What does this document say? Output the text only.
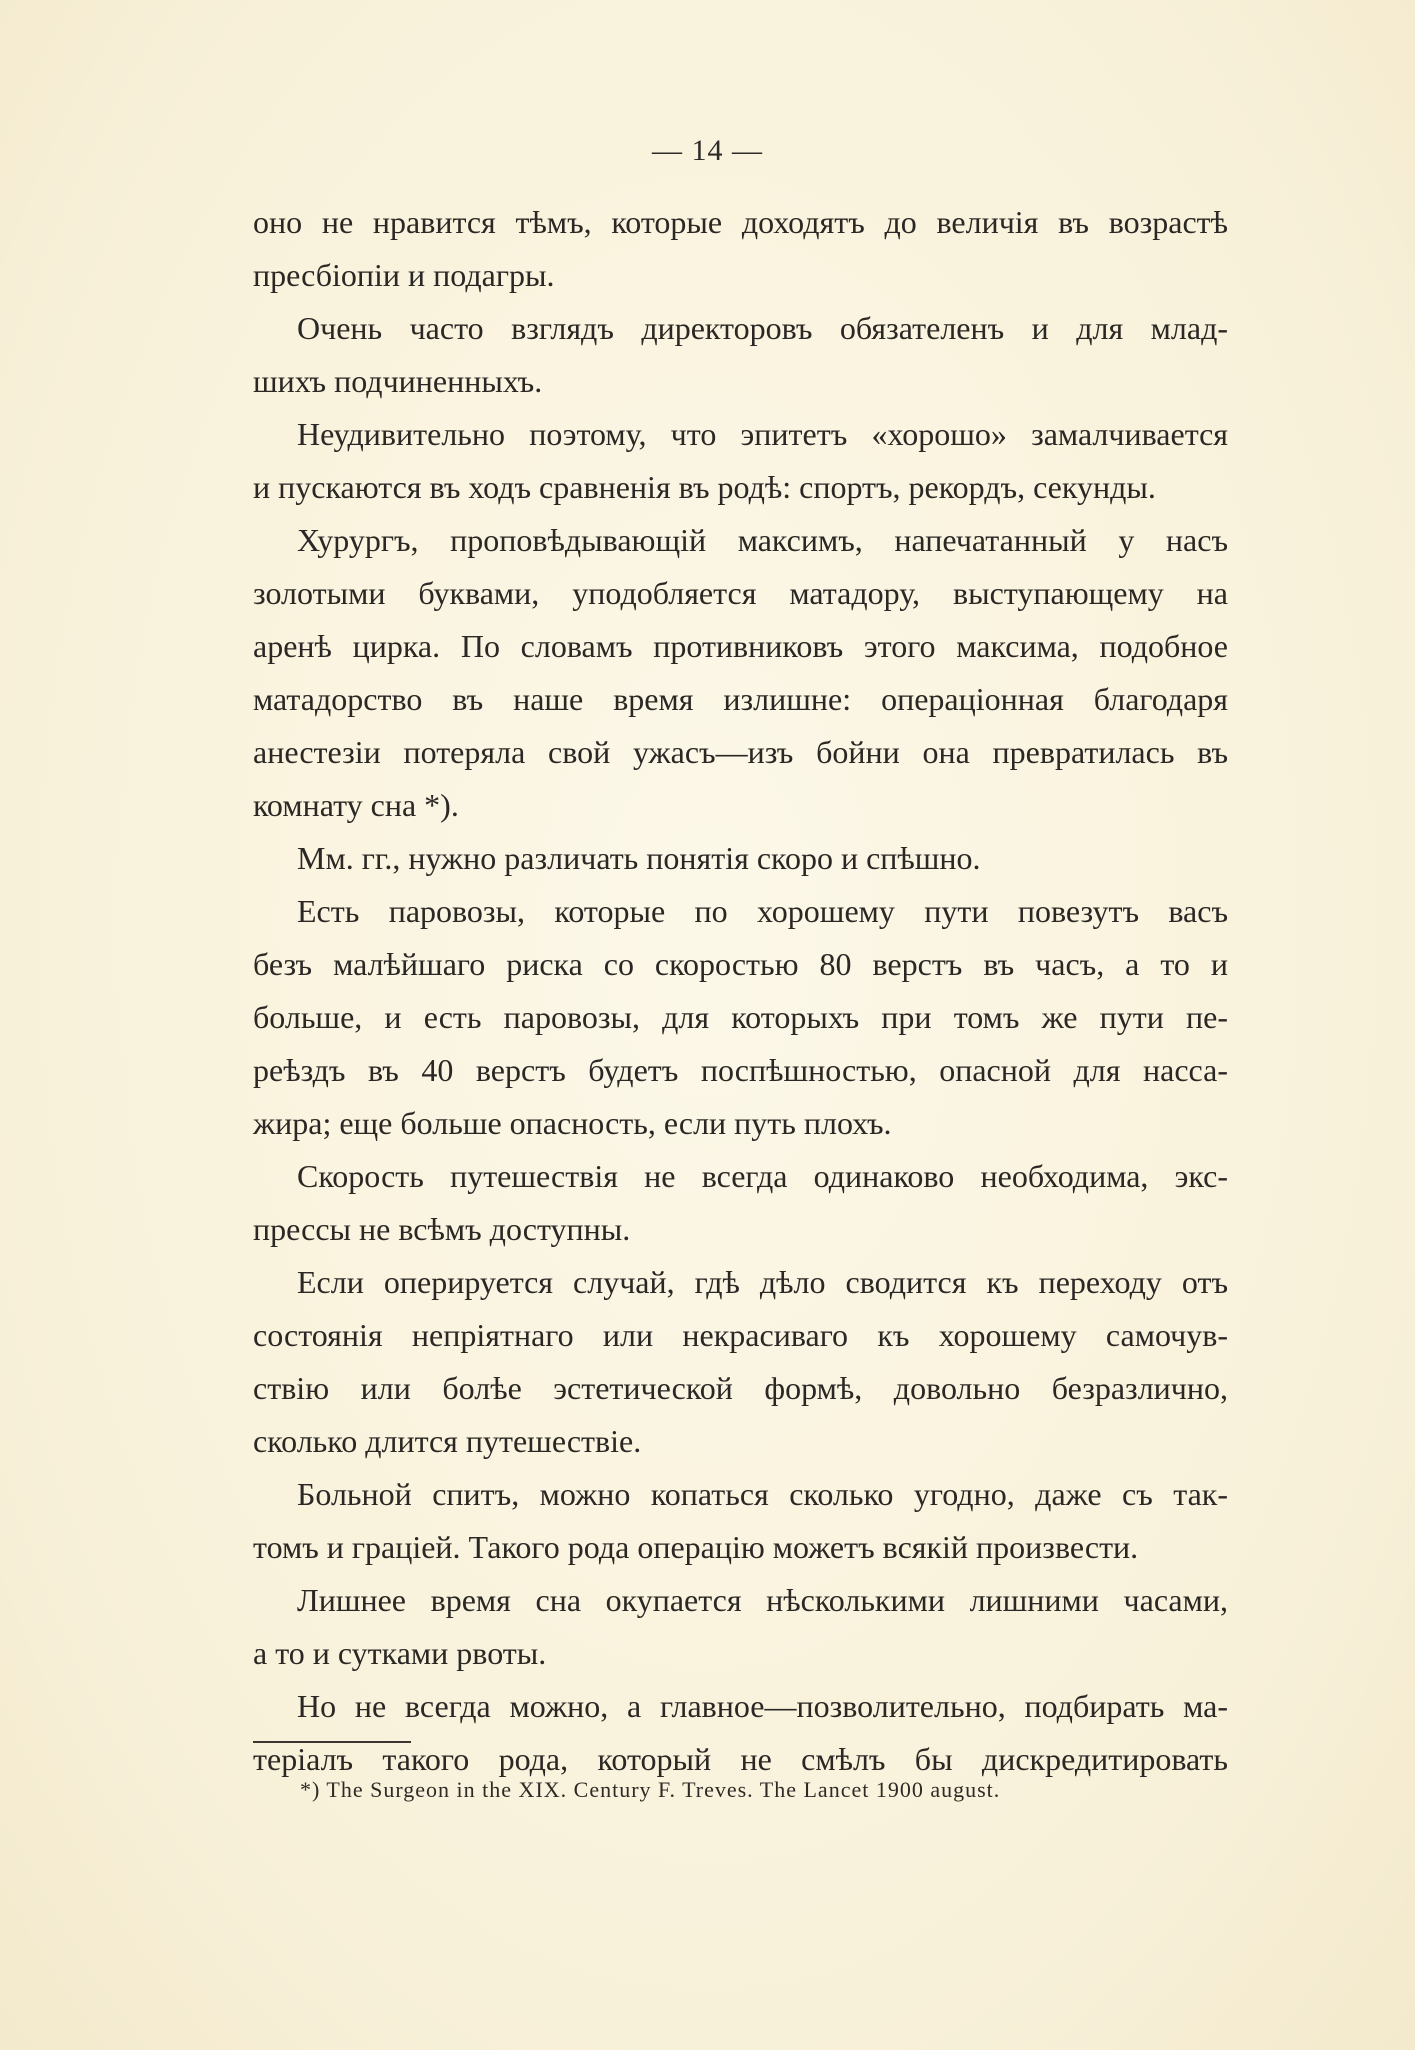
— 14 —
оно не нравится тѣмъ, которые доходятъ до величія въ возрастѣ
пресбіопіи и подагры.
Очень часто взглядъ директоровъ обязателенъ и для млад-
шихъ подчиненныхъ.
Неудивительно поэтому, что эпитетъ «хорошо» замалчивается
и пускаются въ ходъ сравненія въ родѣ: спортъ, рекордъ, секунды.
Хурургъ, проповѣдывающій максимъ, напечатанный у насъ
золотыми буквами, уподобляется матадору, выступающему на
аренѣ цирка. По словамъ противниковъ этого максима, подобное
матадорство въ наше время излишне: операціонная благодаря
анестезіи потеряла свой ужасъ—изъ бойни она превратилась въ
комнату сна *).
Мм. гг., нужно различать понятія скоро и спѣшно.
Есть паровозы, которые по хорошему пути повезутъ васъ
безъ малѣйшаго риска со скоростью 80 верстъ въ часъ, а то и
больше, и есть паровозы, для которыхъ при томъ же пути пе-
реѣздъ въ 40 верстъ будетъ поспѣшностью, опасной для насса-
жира; еще больше опасность, если путь плохъ.
Скорость путешествія не всегда одинаково необходима, экс-
прессы не всѣмъ доступны.
Если оперируется случай, гдѣ дѣло сводится къ переходу отъ
состоянія непріятнаго или некрасиваго къ хорошему самочув-
ствію или болѣе эстетической формѣ, довольно безразлично,
сколько длится путешествіе.
Больной спитъ, можно копаться сколько угодно, даже съ так-
томъ и граціей. Такого рода операцію можетъ всякій произвести.
Лишнее время сна окупается нѣсколькими лишними часами,
а то и сутками рвоты.
Но не всегда можно, а главное—позволительно, подбирать ма-
теріалъ такого рода, который не смѣлъ бы дискредитировать
*) The Surgeon in the XIX. Century F. Treves. The Lancet 1900 august.
